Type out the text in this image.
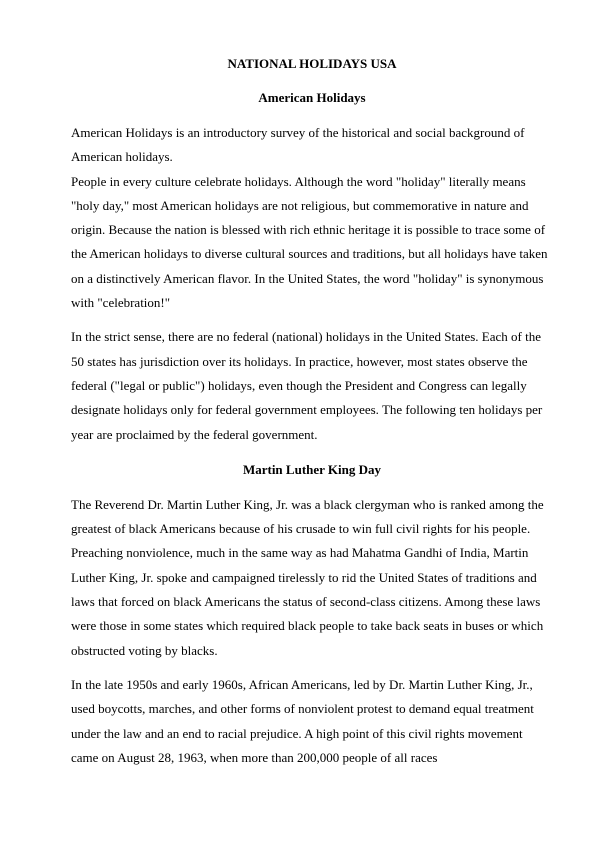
NATIONAL HOLIDAYS USA
American Holidays

American Holidays is an introductory survey of the historical and social background of American holidays.

People in every culture celebrate holidays. Although the word "holiday" literally means "holy day," most American holidays are not religious, but commemorative in nature and origin. Because the nation is blessed with rich ethnic heritage it is possible to trace some of the American holidays to diverse cultural sources and traditions, but all holidays have taken on a distinctively American flavor. In the United States, the word "holiday" is synonymous with "celebration!"

In the strict sense, there are no federal (national) holidays in the United States. Each of the 50 states has jurisdiction over its holidays. In practice, however, most states observe the federal ("legal or public") holidays, even though the President and Congress can legally designate holidays only for federal government employees. The following ten holidays per year are proclaimed by the federal government.

Martin Luther King Day

The Reverend Dr. Martin Luther King, Jr. was a black clergyman who is ranked among the greatest of black Americans because of his crusade to win full civil rights for his people. Preaching nonviolence, much in the same way as had Mahatma Gandhi of India, Martin Luther King, Jr. spoke and campaigned tirelessly to rid the United States of traditions and laws that forced on black Americans the status of second-class citizens. Among these laws were those in some states which required black people to take back seats in buses or which obstructed voting by blacks.

In the late 1950s and early 1960s, African Americans, led by Dr. Martin Luther King, Jr., used boycotts, marches, and other forms of nonviolent protest to demand equal treatment under the law and an end to racial prejudice. A high point of this civil rights movement came on August 28, 1963, when more than 200,000 people of all races
